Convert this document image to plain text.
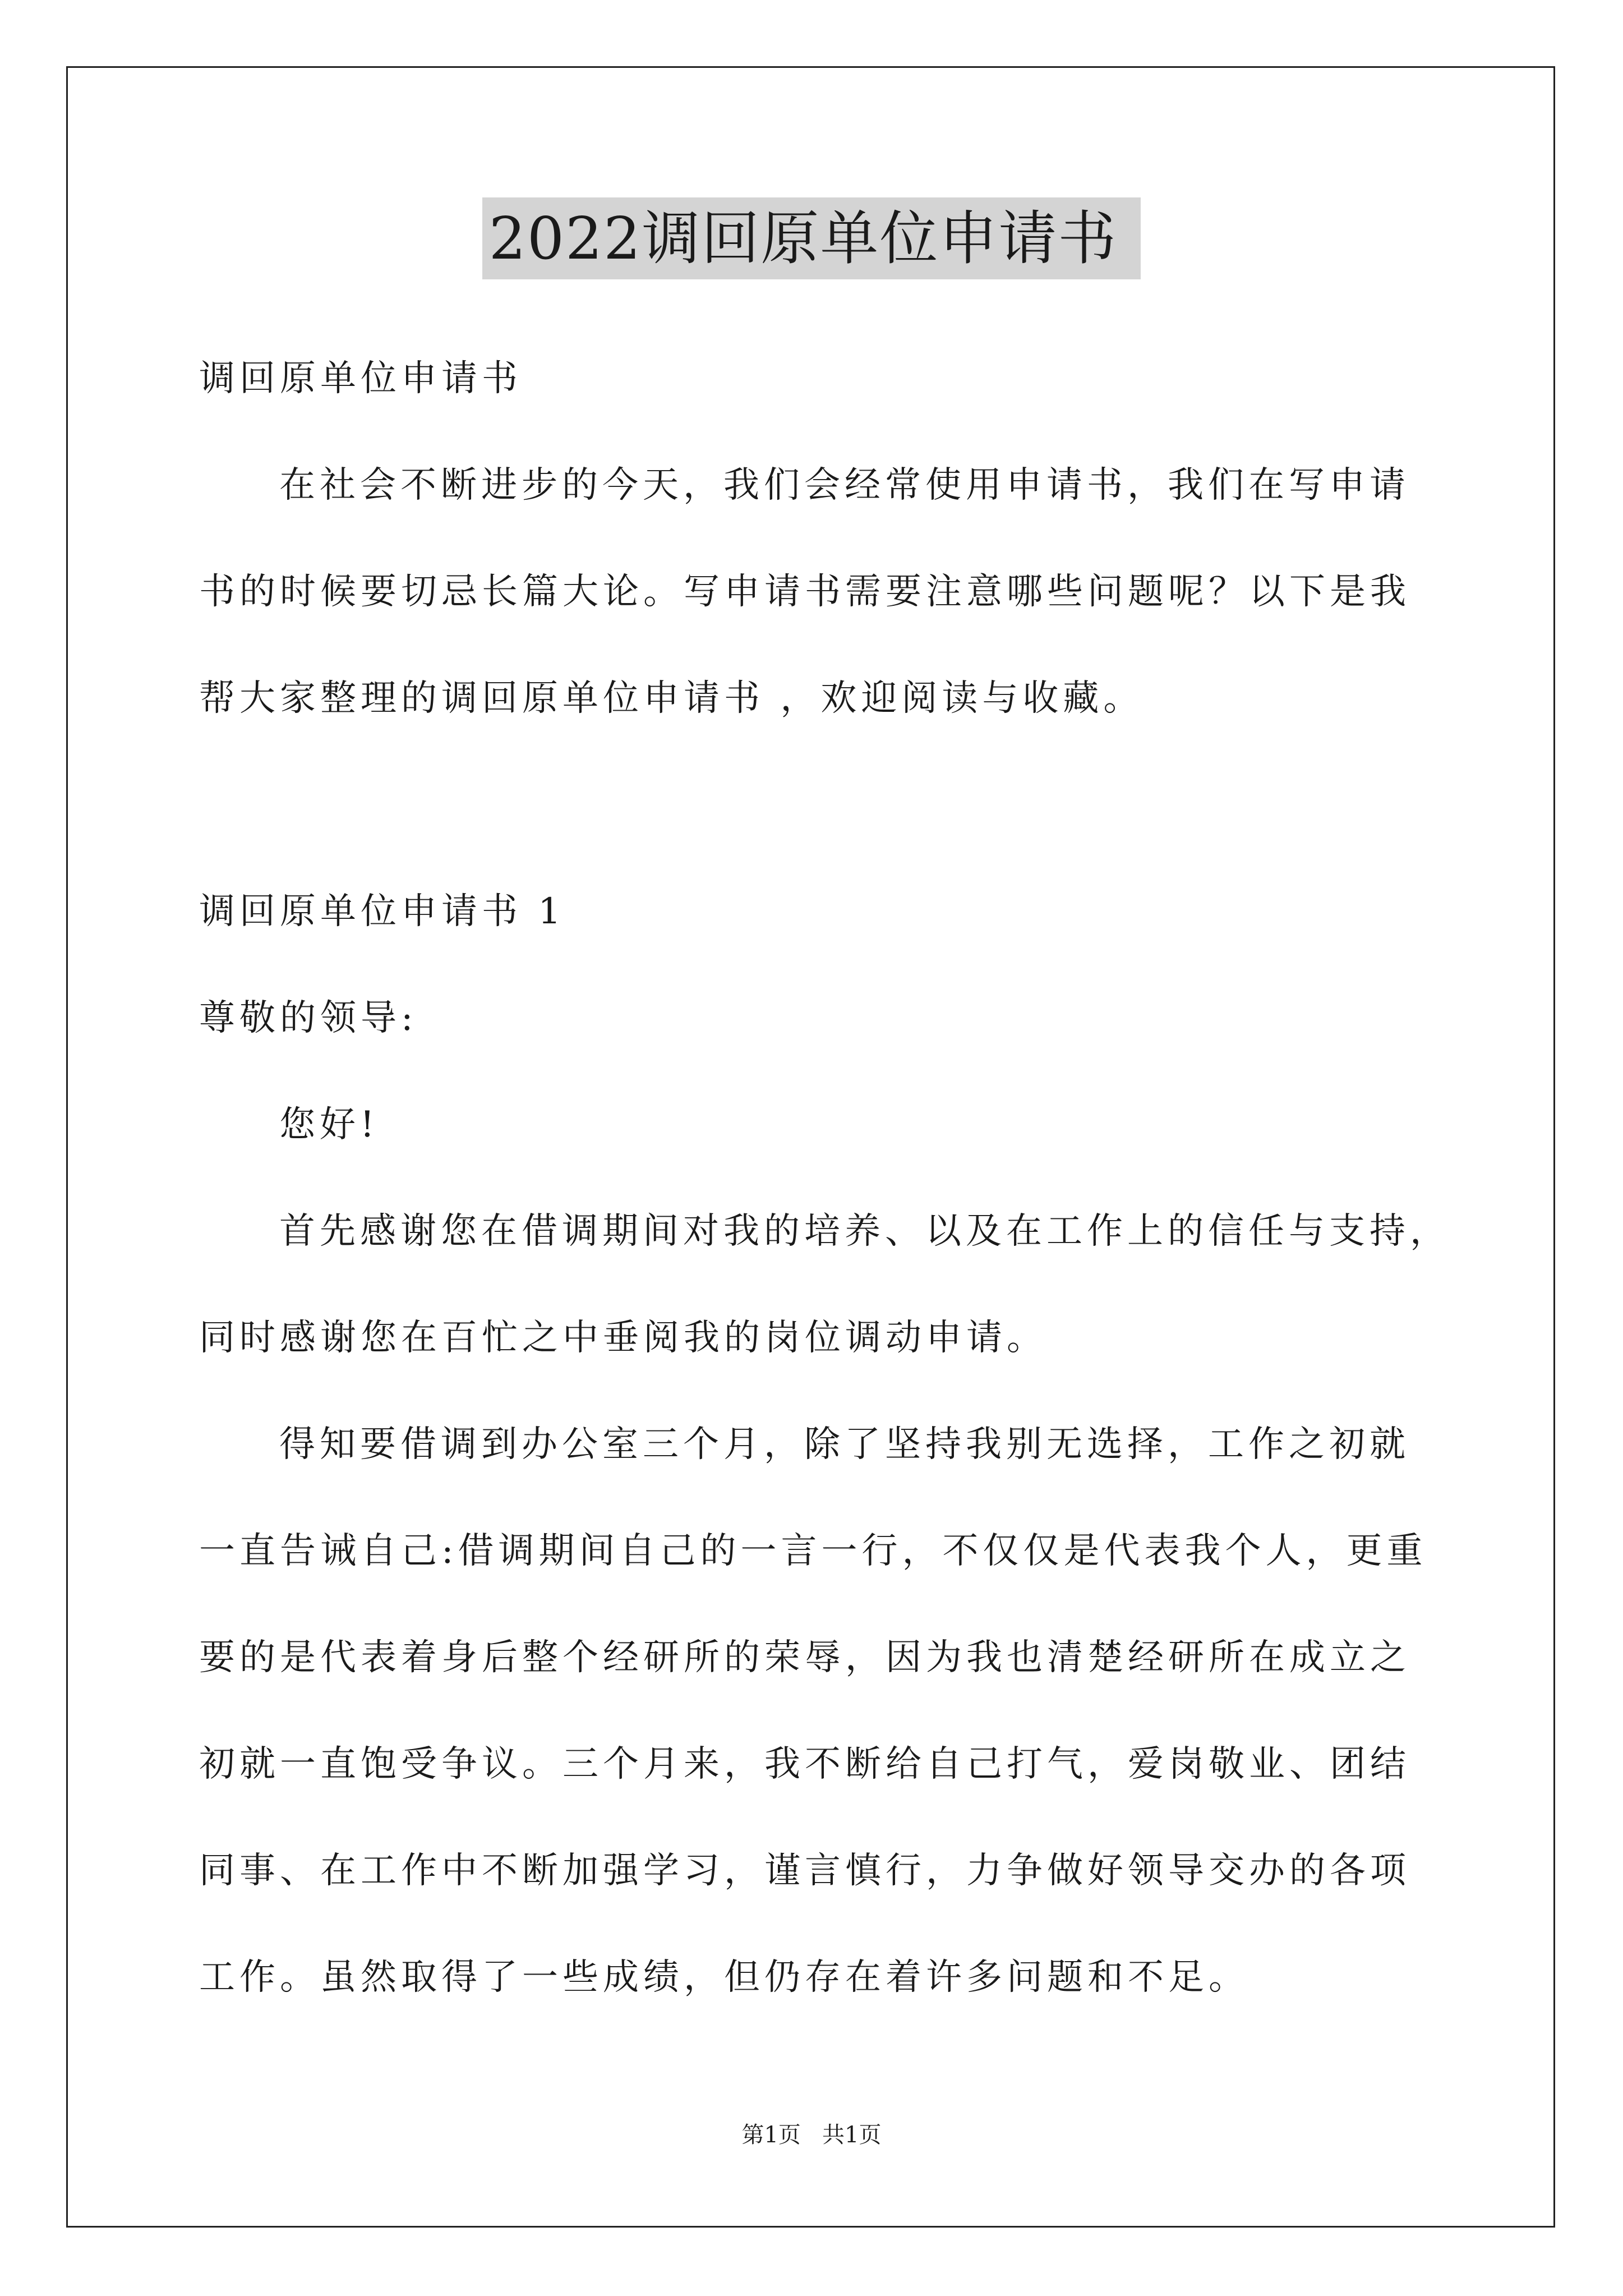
2022调回原单位申请书
调回原单位申请书
在社会不断进步的今天，我们会经常使用申请书，我们在写申请
书的时候要切忌长篇大论。写申请书需要注意哪些问题呢？以下是我
帮大家整理的调回原单位申请书 ，欢迎阅读与收藏。
调回原单位申请书 1
尊敬的领导:
您好!
首先感谢您在借调期间对我的培养、以及在工作上的信任与支持，
同时感谢您在百忙之中垂阅我的岗位调动申请。
得知要借调到办公室三个月，除了坚持我别无选择，工作之初就
一直告诫自己:借调期间自己的一言一行，不仅仅是代表我个人，更重
要的是代表着身后整个经研所的荣辱，因为我也清楚经研所在成立之
初就一直饱受争议。三个月来，我不断给自己打气，爱岗敬业、团结
同事、在工作中不断加强学习，谨言慎行，力争做好领导交办的各项
工作。虽然取得了一些成绩，但仍存在着许多问题和不足。
第1页   共1页
